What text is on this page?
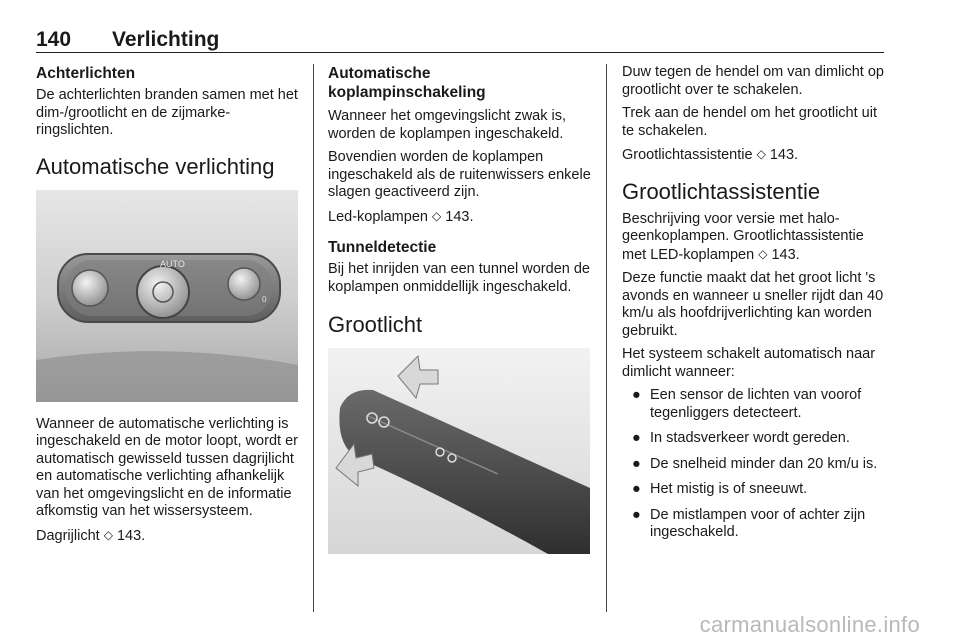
140 Verlichting
Achterlichten

De achterlichten branden samen met het dim-/grootlicht en de zijmarkeringslichten.

Automatische verlichting
AUTO
0

Wanneer de automatische verlichting is ingeschakeld en de motor loopt, wordt er automatisch gewisseld tussen dagrijlicht en automatische verlichting afhankelijk van het omgevingslicht en de informatie afkomstig van het wissersysteem.

Dagrijlicht ◇ 143.

Automatische koplampinschakeling

Wanneer het omgevingslicht zwak is, worden de koplampen ingeschakeld.

Bovendien worden de koplampen ingeschakeld als de ruitenwissers enkele slagen geactiveerd zijn.

Led-koplampen ◇ 143.

Tunneldetectie

Bij het inrijden van een tunnel worden de koplampen onmiddellijk ingeschakeld.

Grootlicht

Duw tegen de hendel om van dimlicht op grootlicht over te schakelen.

Trek aan de hendel om het grootlicht uit te schakelen.

Grootlichtassistentie ◇ 143.

Grootlichtassistentie

Beschrijving voor versie met halogeenkoplampen. Grootlichtassistentie met LED-koplampen ◇ 143.

Deze functie maakt dat het groot licht 's avonds en wanneer u sneller rijdt dan 40 km/u als hoofdrijverlichting kan worden gebruikt.

Het systeem schakelt automatisch naar dimlicht wanneer:

● Een sensor de lichten van voorof tegenliggers detecteert.
● In stadsverkeer wordt gereden.
● De snelheid minder dan 20 km/u is.
● Het mistig is of sneeuwt.
● De mistlampen voor of achter zijn ingeschakeld.
carmanualsonline.info
